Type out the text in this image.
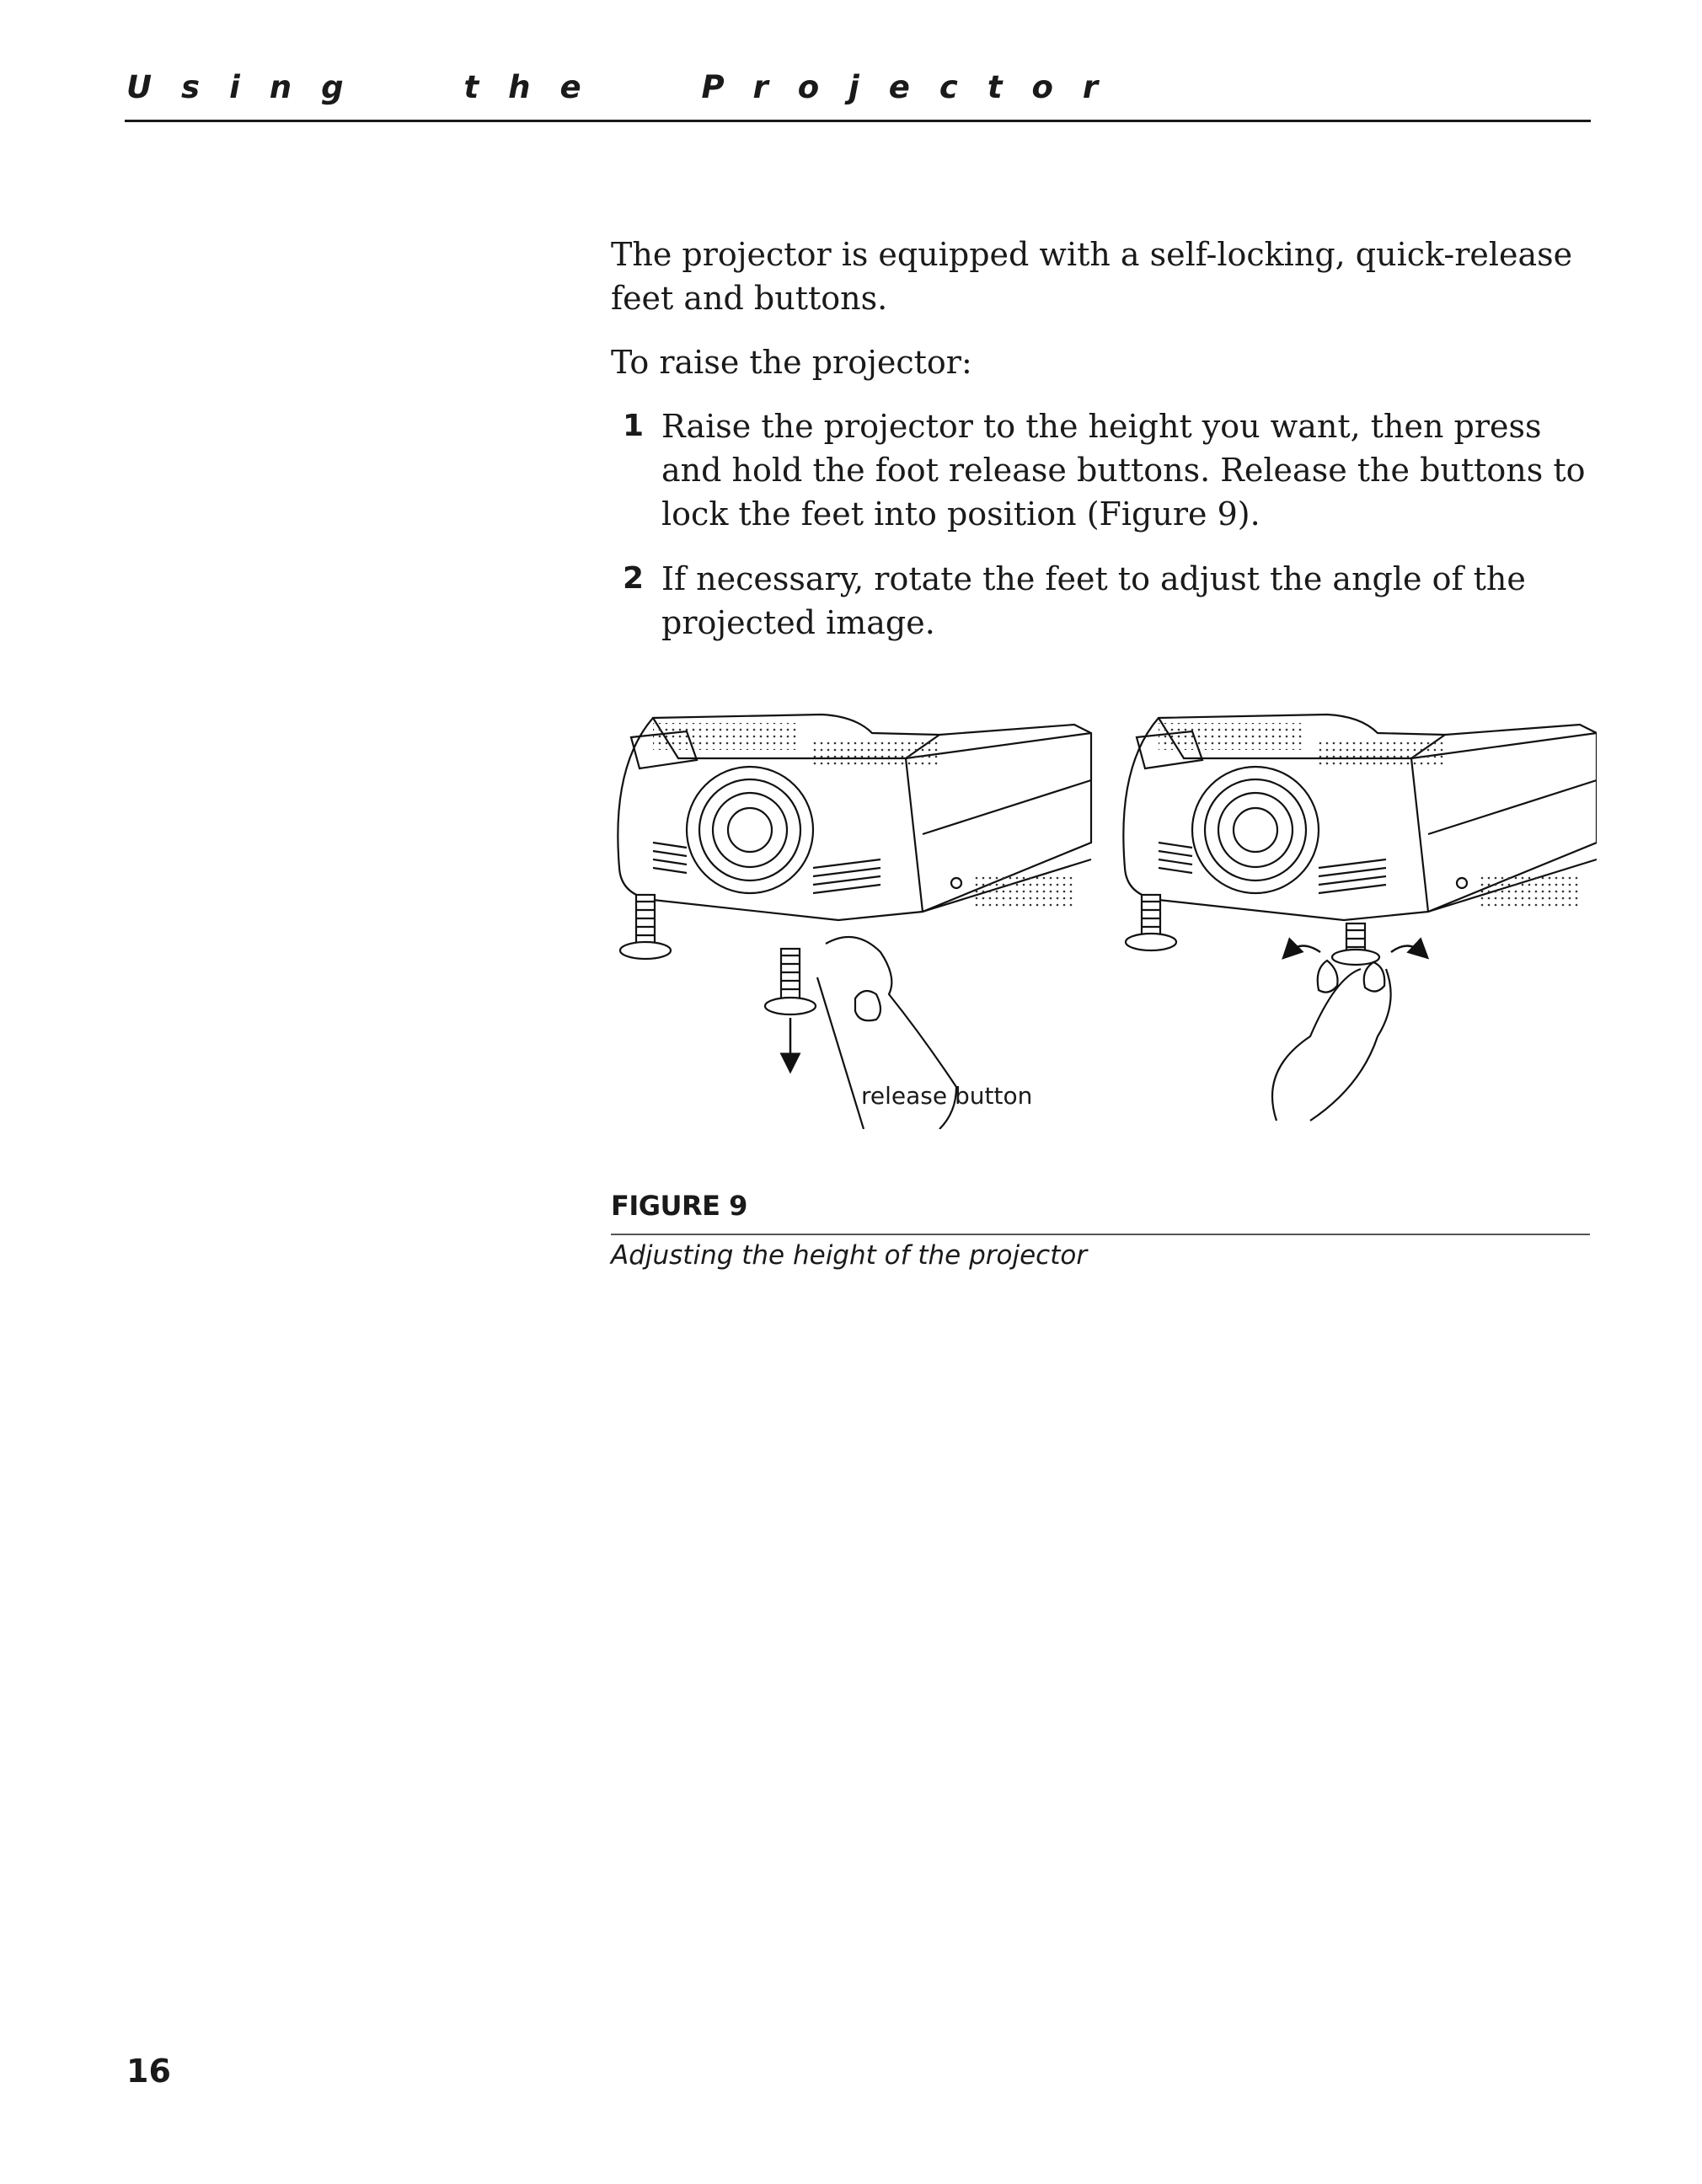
Using the Projector
The projector is equipped with a self-locking, quick-release feet and buttons.
To raise the projector:
1 Raise the projector to the height you want, then press and hold the foot release buttons. Release the buttons to lock the feet into position (Figure 9).
2 If necessary, rotate the feet to adjust the angle of the projected image.
release button
FIGURE 9
Adjusting the height of the projector
16
